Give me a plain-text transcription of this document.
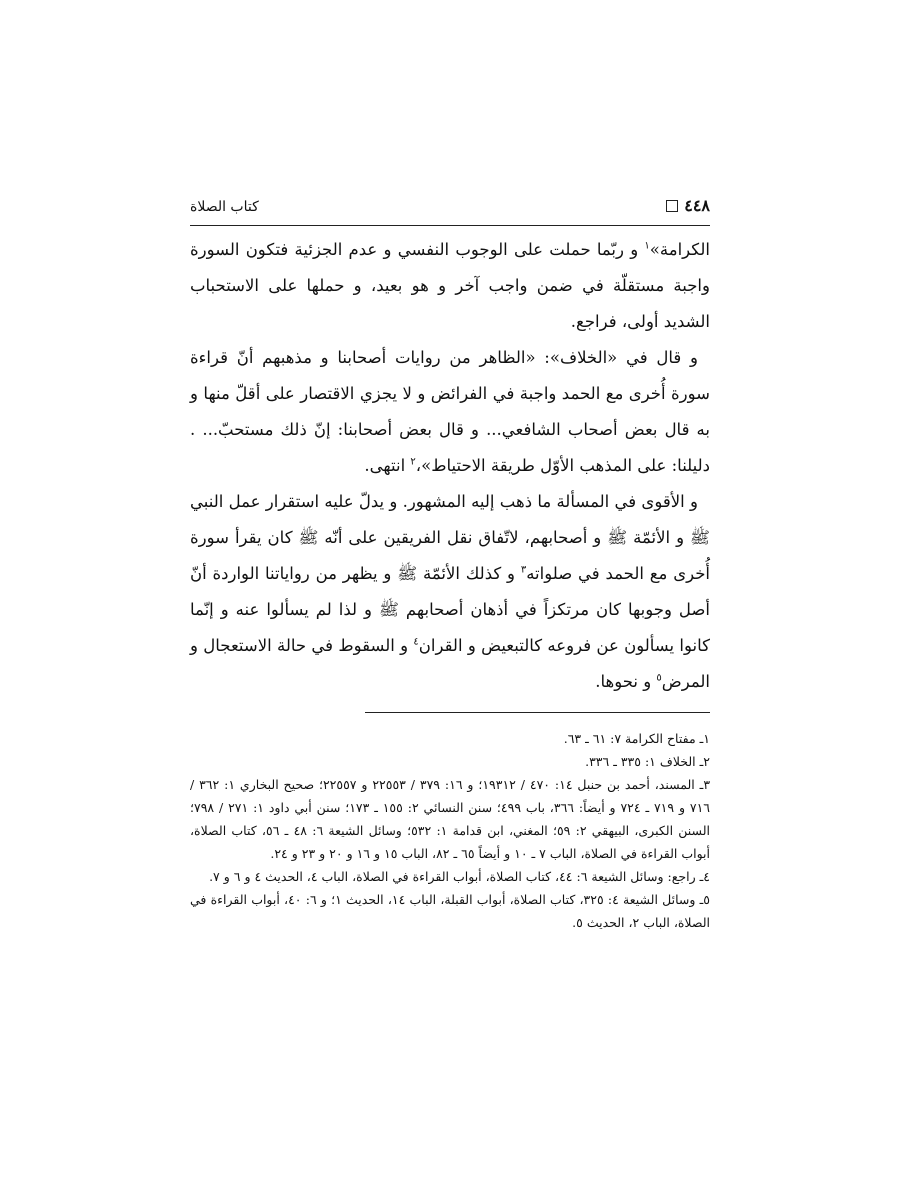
٤٤٨
كتاب الصلاة

الكرامة»$^١$ و ربّما حملت على الوجوب النفسي و عدم الجزئية فتكون السورة واجبة مستقلّة في ضمن واجب آخر و هو بعيد، و حملها على الاستحباب الشديد أولى، فراجع.

و قال في «الخلاف»: «الظاهر من روايات أصحابنا و مذهبهم أنّ قراءة سورة أُخرى مع الحمد واجبة في الفرائض و لا يجزي الاقتصار على أقلّ منها و به قال بعض أصحاب الشافعي... و قال بعض أصحابنا: إنّ ذلك مستحبّ... . دليلنا: على المذهب الأوّل طريقة الاحتياط»،$^٢$ انتهى.

و الأقوى في المسألة ما ذهب إليه المشهور. و يدلّ عليه استقرار عمل النبي ﷺ و الأئمّة ﷺ و أصحابهم، لاتّفاق نقل الفريقين على أنّه ﷺ كان يقرأ سورة أُخرى مع الحمد في صلواته$^٣$ و كذلك الأئمّة ﷺ و يظهر من رواياتنا الواردة أنّ أصل وجوبها كان مرتكزاً في أذهان أصحابهم ﷺ و لذا لم يسألوا عنه و إنّما كانوا يسألون عن فروعه كالتبعيض و القران$^٤$ و السقوط في حالة الاستعجال و المرض$^٥$ و نحوها.

١ـ مفتاح الكرامة ٧: ٦١ ـ ٦٣.

٢ـ الخلاف ١: ٣٣٥ ـ ٣٣٦.

٣ـ المسند، أحمد بن حنبل ١٤: ٤٧٠ / ١٩٣١٢؛ و ١٦: ٣٧٩ / ٢٢٥٥٣ و ٢٢٥٥٧؛ صحيح البخاري ١: ٣٦٢ / ٧١٦ و ٧١٩ ـ ٧٢٤ و أيضاً: ٣٦٦، باب ٤٩٩؛ سنن النسائي ٢: ١٥٥ ـ ١٧٣؛ سنن أبي داود ١: ٢٧١ / ٧٩٨؛ السنن الكبرى، البيهقي ٢: ٥٩؛ المغني، ابن قدامة ١: ٥٣٢؛ وسائل الشيعة ٦: ٤٨ ـ ٥٦، كتاب الصلاة، أبواب القراءة في الصلاة، الباب ٧ ـ ١٠ و أيضاً ٦٥ ـ ٨٢، الباب ١٥ و ١٦ و ٢٠ و ٢٣ و ٢٤.

٤ـ راجع: وسائل الشيعة ٦: ٤٤، كتاب الصلاة، أبواب القراءة في الصلاة، الباب ٤، الحديث ٤ و ٦ و ٧.

٥ـ وسائل الشيعة ٤: ٣٢٥، كتاب الصلاة، أبواب القبلة، الباب ١٤، الحديث ١؛ و ٦: ٤٠، أبواب القراءة في الصلاة، الباب ٢، الحديث ٥.
